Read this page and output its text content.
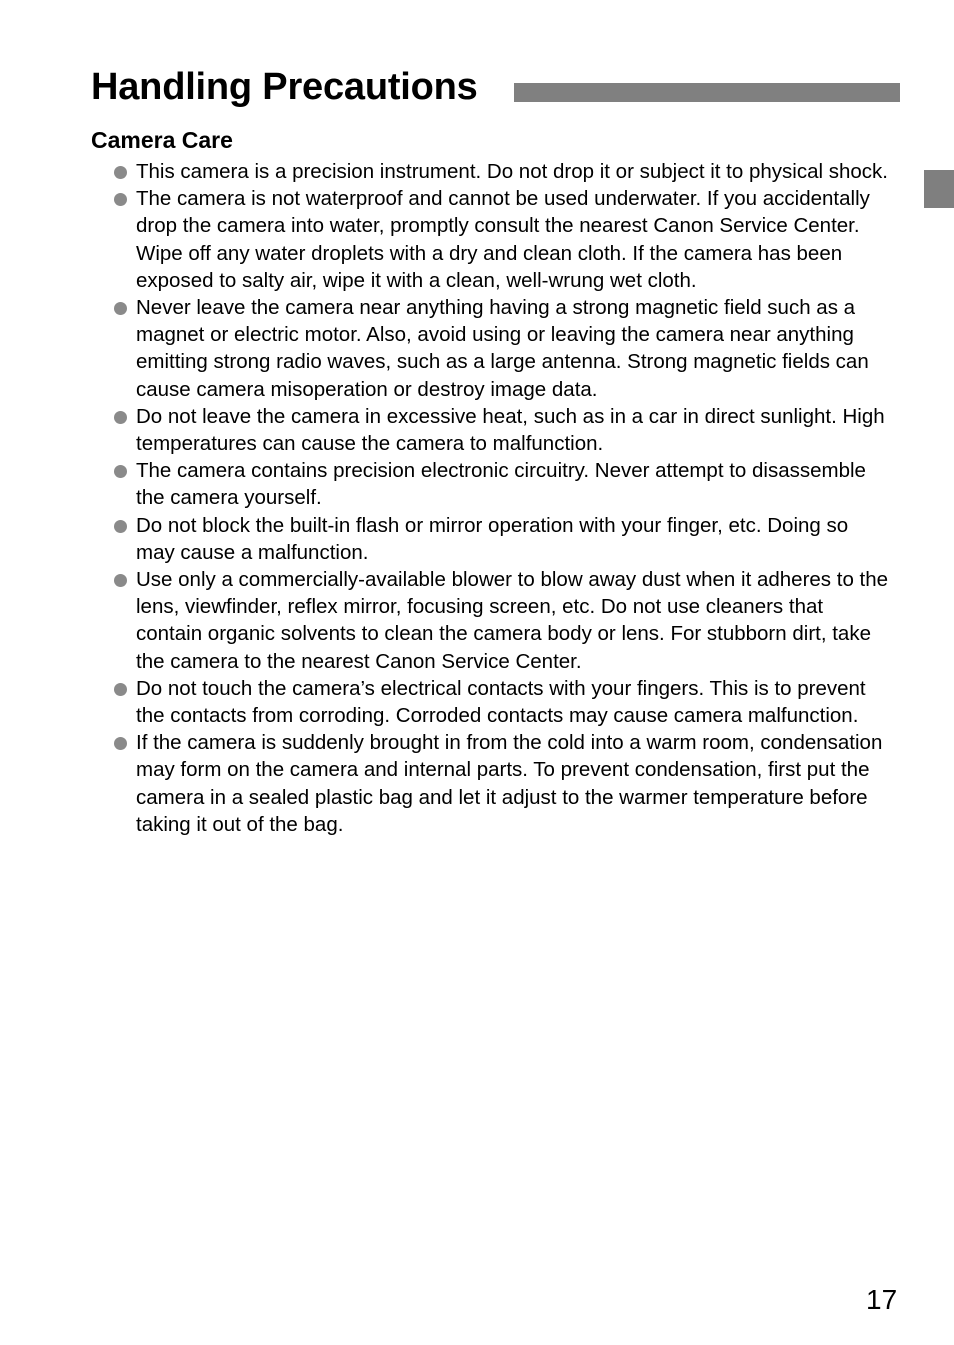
Handling Precautions
Camera Care
This camera is a precision instrument. Do not drop it or subject it to physical shock.
The camera is not waterproof and cannot be used underwater. If you accidentally drop the camera into water, promptly consult the nearest Canon Service Center. Wipe off any water droplets with a dry and clean cloth. If the camera has been exposed to salty air, wipe it with a clean, well-wrung wet cloth.
Never leave the camera near anything having a strong magnetic field such as a magnet or electric motor. Also, avoid using or leaving the camera near anything emitting strong radio waves, such as a large antenna. Strong magnetic fields can cause camera misoperation or destroy image data.
Do not leave the camera in excessive heat, such as in a car in direct sunlight. High temperatures can cause the camera to malfunction.
The camera contains precision electronic circuitry. Never attempt to disassemble the camera yourself.
Do not block the built-in flash or mirror operation with your finger, etc. Doing so may cause a malfunction.
Use only a commercially-available blower to blow away dust when it adheres to the lens, viewfinder, reflex mirror, focusing screen, etc. Do not use cleaners that contain organic solvents to clean the camera body or lens. For stubborn dirt, take the camera to the nearest Canon Service Center.
Do not touch the camera’s electrical contacts with your fingers. This is to prevent the contacts from corroding. Corroded contacts may cause camera malfunction.
If the camera is suddenly brought in from the cold into a warm room, condensation may form on the camera and internal parts. To prevent condensation, first put the camera in a sealed plastic bag and let it adjust to the warmer temperature before taking it out of the bag.
17
